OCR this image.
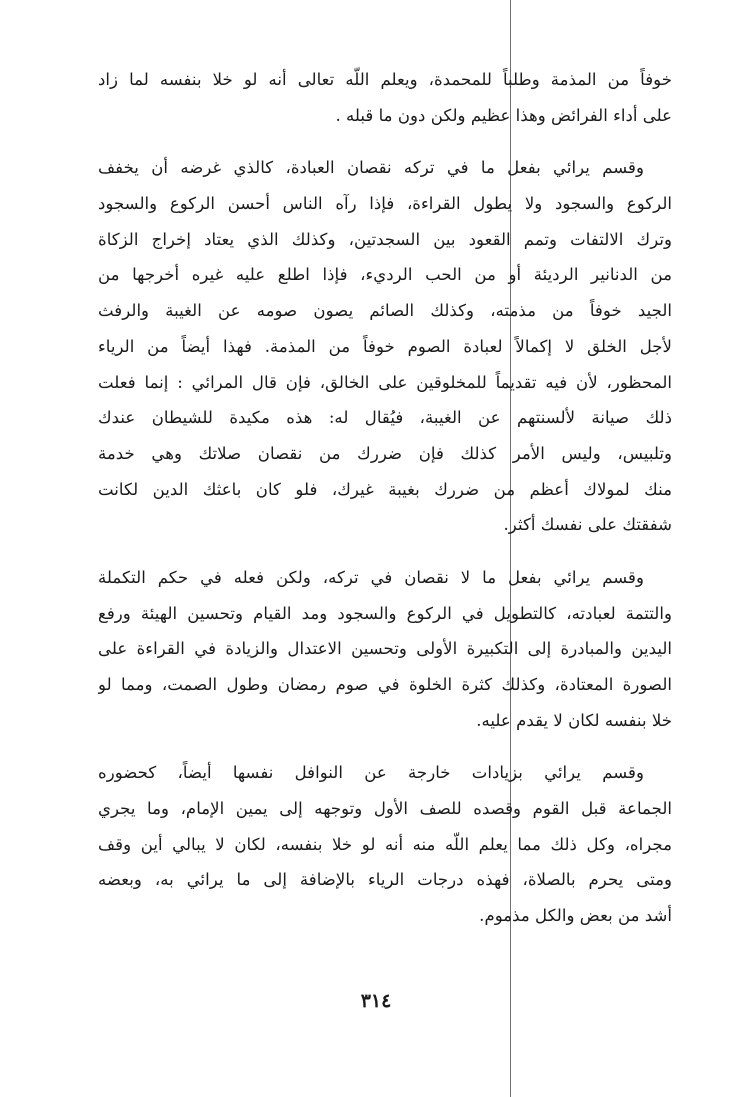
خوفاً من المذمة وطلباً للمحمدة، ويعلم اللّه تعالى أنه لو خلا بنفسه لما زاد
على أداء الفرائض وهذا عظيم ولكن دون ما قبله .
وقسم يرائي بفعل ما في تركه نقصان العبادة، كالذي غرضه أن يخفف
الركوع والسجود ولا يطول القراءة، فإذا رآه الناس أحسن الركوع والسجود
وترك الالتفات وتمم القعود بين السجدتين، وكذلك الذي يعتاد إخراج الزكاة
من الدنانير الرديئة أو من الحب الرديء، فإذا اطلع عليه غيره أخرجها من
الجيد خوفاً من مذمته، وكذلك الصائم يصون صومه عن الغيبة والرفث
لأجل الخلق لا إكمالاً لعبادة الصوم خوفاً من المذمة. فهذا أيضاً من الرياء
المحظور، لأن فيه تقديماً للمخلوقين على الخالق، فإن قال المرائي : إنما فعلت
ذلك صيانة لألسنتهم عن الغيبة، فيُقال له: هذه مكيدة للشيطان عندك
وتلبيس، وليس الأمر كذلك فإن ضررك من نقصان صلاتك وهي خدمة
منك لمولاك أعظم من ضررك بغيبة غيرك، فلو كان باعثك الدين لكانت
شفقتك على نفسك أكثر.
وقسم يرائي بفعل ما لا نقصان في تركه، ولكن فعله في حكم التكملة
والتتمة لعبادته، كالتطويل في الركوع والسجود ومد القيام وتحسين الهيئة ورفع
اليدين والمبادرة إلى التكبيرة الأولى وتحسين الاعتدال والزيادة في القراءة على
الصورة المعتادة، وكذلك كثرة الخلوة في صوم رمضان وطول الصمت، ومما لو
خلا بنفسه لكان لا يقدم عليه.
وقسم يرائي بزيادات خارجة عن النوافل نفسها أيضاً، كحضوره
الجماعة قبل القوم وقصده للصف الأول وتوجهه إلى يمين الإمام، وما يجري
مجراه، وكل ذلك مما يعلم اللّه منه أنه لو خلا بنفسه، لكان لا يبالي أين وقف
ومتى يحرم بالصلاة، فهذه درجات الرياء بالإضافة إلى ما يرائي به، وبعضه
أشد من بعض والكل مذموم.
٣١٤
